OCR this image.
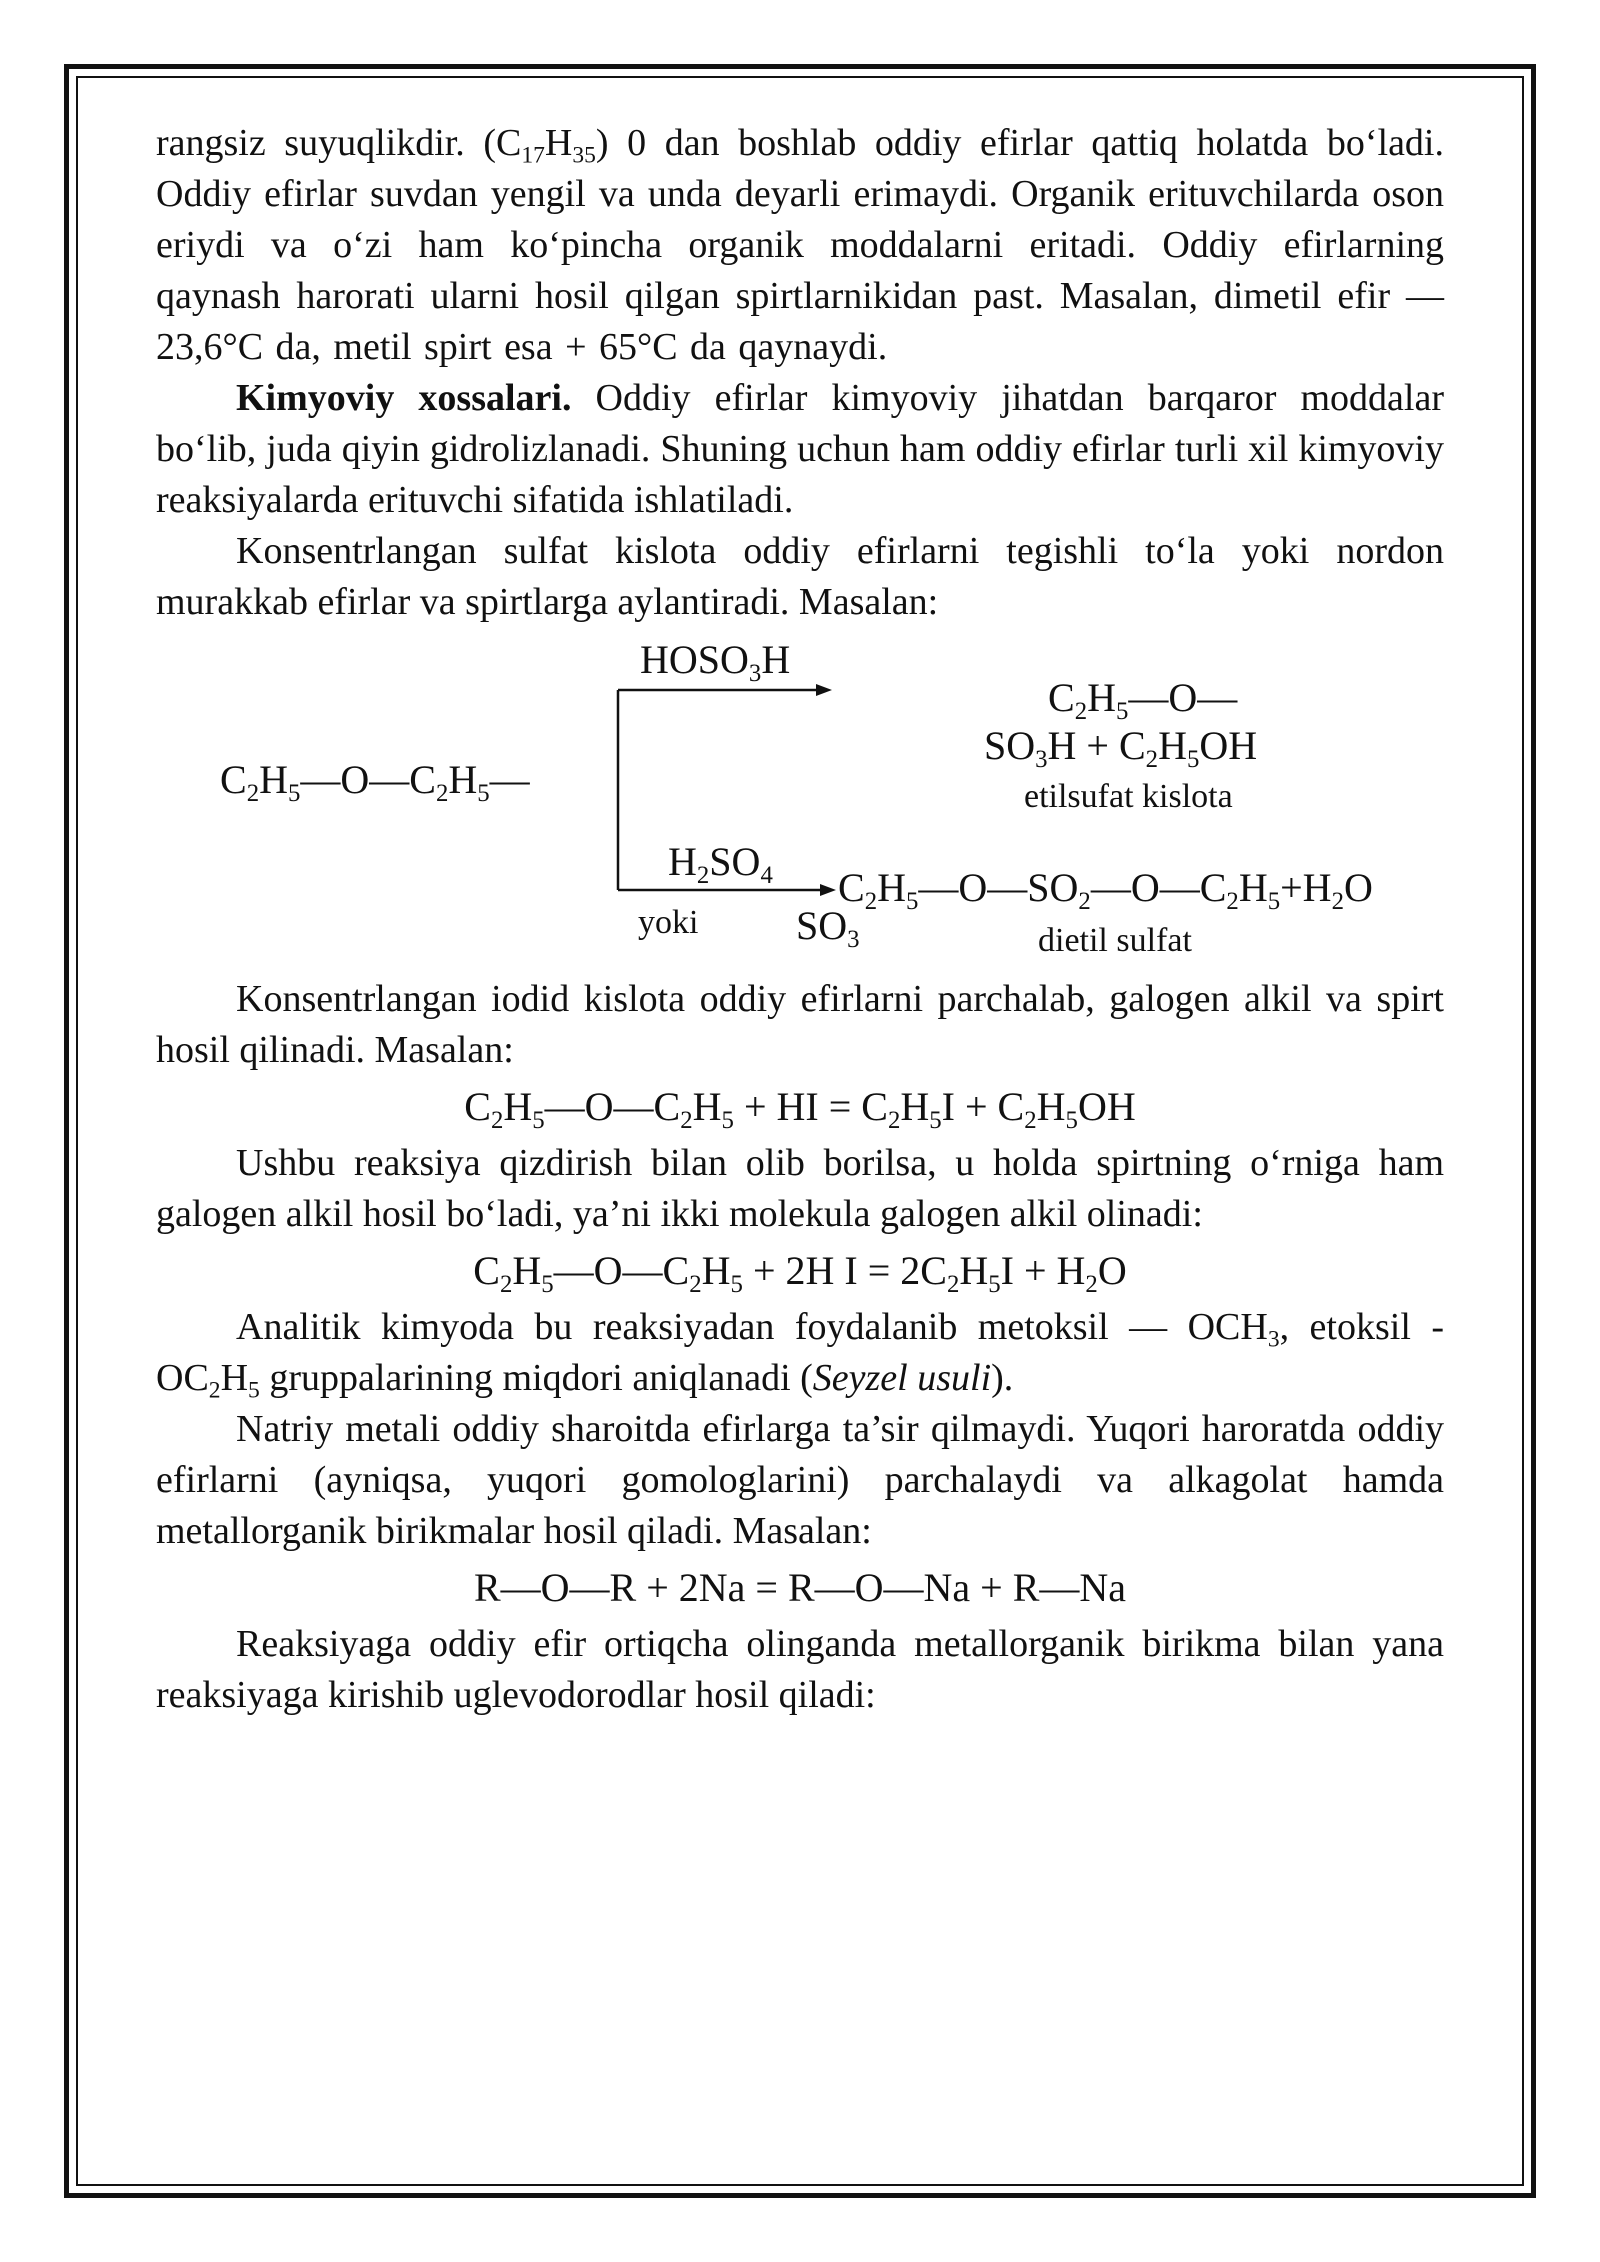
rangsiz suyuqlikdir. $(C_{17}H_{35})$ 0 dan boshlab oddiy efirlar qattiq holatda bo‘ladi. Oddiy efirlar suvdan yengil va unda deyarli erimaydi. Organik erituvchilarda oson eriydi va o‘zi ham ko‘pincha organik moddalarni eritadi. Oddiy efirlarning qaynash harorati ularni hosil qilgan spirtlarnikidan past. Masalan, dimetil efir — 23,6°C da, metil spirt esa + 65°C da qaynaydi.

Kimyoviy xossalari. Oddiy efirlar kimyoviy jihatdan barqaror moddalar bo‘lib, juda qiyin gidrolizlanadi. Shuning uchun ham oddiy efirlar turli xil kimyoviy reaksiyalarda erituvchi sifatida ishlatiladi.

Konsentrlangan sulfat kislota oddiy efirlarni tegishli to‘la yoki nordon murakkab efirlar va spirtlarga aylantiradi. Masalan:

$C_2H_5—O—C_2H_5—$
$HOSO_3H$
$C_2H_5—O—$
$SO_3H + C_2H_5OH$
etilsufat kislota
$H_2SO_4$
yoki $SO_3$
$C_2H_5—O—SO_2—O—C_2H_5+H_2O$
dietil sulfat

Konsentrlangan iodid kislota oddiy efirlarni parchalab, galogen alkil va spirt hosil qilinadi. Masalan:

$C_2H_5—O—C_2H_5$ + HI = $C_2H_5I + C_2H_5OH$

Ushbu reaksiya qizdirish bilan olib borilsa, u holda spirtning o‘rniga ham galogen alkil hosil bo‘ladi, ya’ni ikki molekula galogen alkil olinadi:

$C_2H_5—O—C_2H_5 + 2H$ $I = 2C_2H_5I + H_2O$

Analitik kimyoda bu reaksiyadan foydalanib metoksil — $OCH_3$, etoksil $-OC_2H_5$ gruppalarining miqdori aniqlanadi (Seyzel usuli).

Natriy metali oddiy sharoitda efirlarga ta’sir qilmaydi. Yuqori haroratda oddiy efirlarni (ayniqsa, yuqori gomologlarini) parchalaydi va alkagolat hamda metallorganik birikmalar hosil qiladi. Masalan:

R—O—R + 2Na = R—O—Na + R—Na

Reaksiyaga oddiy efir ortiqcha olinganda metallorganik birikma bilan yana reaksiyaga kirishib uglevodorodlar hosil qiladi:
